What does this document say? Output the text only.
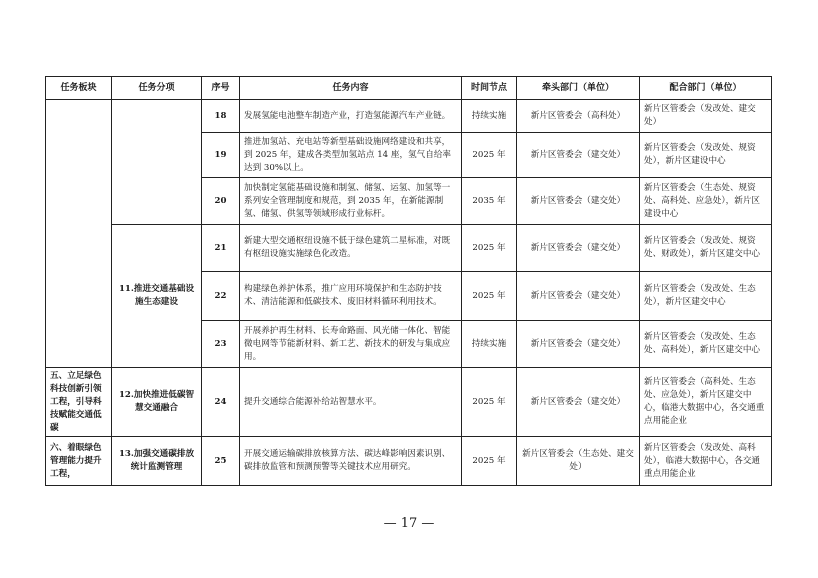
任务板块	任务分项	序号	任务内容	时间节点	牵头部门（单位）	配合部门（单位）
		18	发展氢能电池整车制造产业，打造氢能源汽车产业链。	持续实施	新片区管委会（高科处）	新片区管委会（发改处、建交处）
		19	推进加氢站、充电站等新型基础设施网络建设和共享，到 2025 年，建成各类型加氢站点 14 座，氢气自给率达到 30%以上。	2025 年	新片区管委会（建交处）	新片区管委会（发改处、规资处），新片区建设中心
		20	加快制定氢能基础设施和制氢、储氢、运氢、加氢等一系列安全管理制度和规范，到 2035 年，在新能源制氢、储氢、供氢等领域形成行业标杆。	2035 年	新片区管委会（建交处）	新片区管委会（生态处、规资处、高科处、应急处），新片区建设中心
	11.推进交通基础设施生态建设	21	新建大型交通枢纽设施不低于绿色建筑二星标准，对既有枢纽设施实施绿色化改造。	2025 年	新片区管委会（建交处）	新片区管委会（发改处、规资处、财政处），新片区建交中心
		22	构建绿色养护体系，推广应用环境保护和生态防护技术、清洁能源和低碳技术、废旧材料循环利用技术。	2025 年	新片区管委会（建交处）	新片区管委会（发改处、生态处），新片区建交中心
		23	开展养护再生材料、长寿命路面、风光储一体化、智能微电网等节能新材料、新工艺、新技术的研发与集成应用。	持续实施	新片区管委会（建交处）	新片区管委会（发改处、生态处、高科处），新片区建交中心
五、立足绿色科技创新引领工程，引导科技赋能交通低碳	12.加快推进低碳智慧交通融合	24	提升交通综合能源补给站智慧水平。	2025 年	新片区管委会（建交处）	新片区管委会（高科处、生态处、应急处），新片区建交中心，临港大数据中心，各交通重点用能企业
六、着眼绿色管理能力提升工程，	13.加强交通碳排放统计监测管理	25	开展交通运输碳排放核算方法、碳达峰影响因素识别、碳排放监管和预测预警等关键技术应用研究。	2025 年	新片区管委会（生态处、建交处）	新片区管委会（发改处、高科处），临港大数据中心，各交通重点用能企业
— 17 —
